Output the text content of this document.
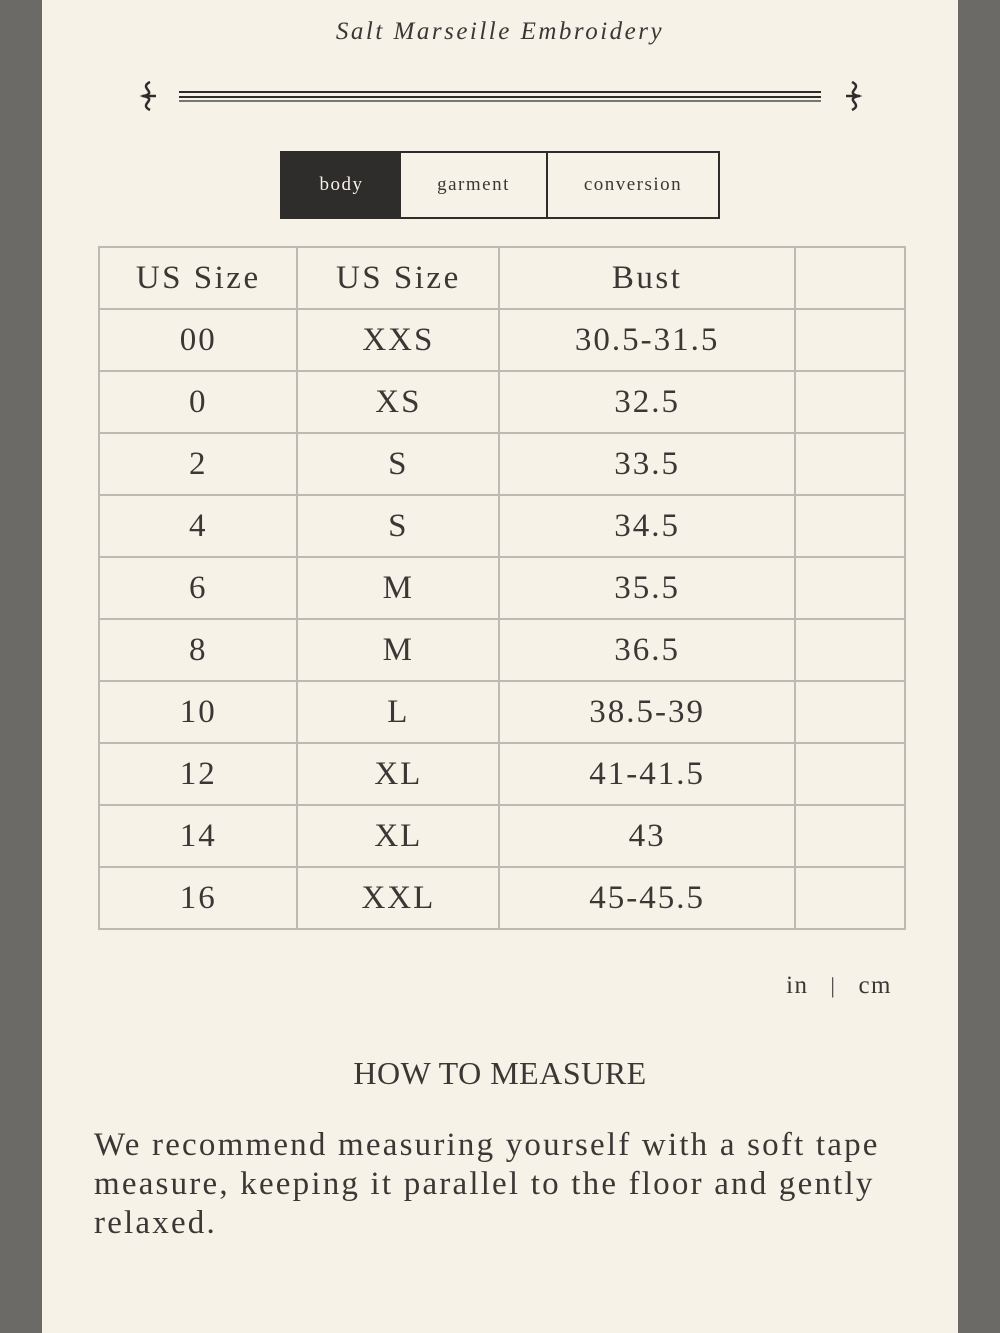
Salt Marseille Embroidery
body	garment	conversion
US Size	US Size	Bust	
00	XXS	30.5-31.5	
0	XS	32.5	
2	S	33.5	
4	S	34.5	
6	M	35.5	
8	M	36.5	
10	L	38.5-39	
12	XL	41-41.5	
14	XL	43	
16	XXL	45-45.5	
in | cm
HOW TO MEASURE
We recommend measuring yourself with a soft tape measure, keeping it parallel to the floor and gently relaxed.
